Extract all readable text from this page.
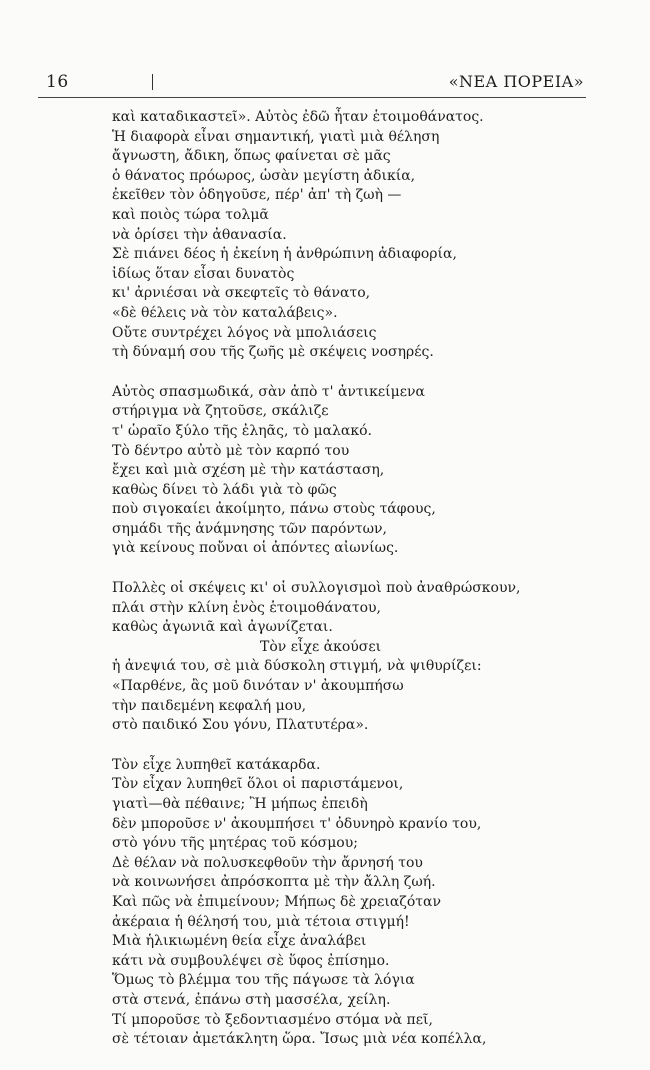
16	«ΝΕΑ ΠΟΡΕΙΑ»
καὶ καταδικαστεῖ». Αὐτὸς ἐδῶ ἦταν ἑτοιμοθάνατος.
Ἡ διαφορὰ εἶναι σημαντική, γιατὶ μιὰ θέληση
ἄγνωστη, ἄδικη, ὅπως φαίνεται σὲ μᾶς
ὁ θάνατος πρόωρος, ὡσὰν μεγίστη ἀδικία,
ἐκεῖθεν τὸν ὁδηγοῦσε, πέρ' ἀπ' τὴ ζωὴ —
καὶ ποιὸς τώρα τολμᾶ
νὰ ὁρίσει τὴν ἀθανασία.
Σὲ πιάνει δέος ἡ ἐκείνη ἡ ἀνθρώπινη ἀδιαφορία,
ἰδίως ὅταν εἶσαι δυνατὸς
κι' ἀρνιέσαι νὰ σκεφτεῖς τὸ θάνατο,
«δὲ θέλεις νὰ τὸν καταλάβεις».
Οὔτε συντρέχει λόγος νὰ μπολιάσεις
τὴ δύναμή σου τῆς ζωῆς μὲ σκέψεις νοσηρές.
Αὐτὸς σπασμωδικά, σὰν ἀπὸ τ' ἀντικείμενα
στήριγμα νὰ ζητοῦσε, σκάλιζε
τ' ὡραῖο ξύλο τῆς ἐληᾶς, τὸ μαλακό.
Τὸ δέντρο αὐτὸ μὲ τὸν καρπό του
ἔχει καὶ μιὰ σχέση μὲ τὴν κατάσταση,
καθὼς δίνει τὸ λάδι γιὰ τὸ φῶς
ποὺ σιγοκαίει ἀκοίμητο, πάνω στοὺς τάφους,
σημάδι τῆς ἀνάμνησης τῶν παρόντων,
γιὰ κείνους ποὔναι οἱ ἀπόντες αἰωνίως.
Πολλὲς οἱ σκέψεις κι' οἱ συλλογισμοὶ ποὺ ἀναθρώσκουν,
πλάι στὴν κλίνη ἑνὸς ἑτοιμοθάνατου,
καθὼς ἀγωνιᾶ καὶ ἀγωνίζεται.
Τὸν εἶχε ἀκούσει
ἡ ἀνεψιά του, σὲ μιὰ δύσκολη στιγμή, νὰ ψιθυρίζει:
«Παρθένε, ἂς μοῦ δινόταν ν' ἀκουμπήσω
τὴν παιδεμένη κεφαλή μου,
στὸ παιδικό Σου γόνυ, Πλατυτέρα».
Τὸν εἶχε λυπηθεῖ κατάκαρδα.
Τὸν εἶχαν λυπηθεῖ ὅλοι οἱ παριστάμενοι,
γιατὶ—θὰ πέθαινε; Ἢ μήπως ἐπειδὴ
δὲν μποροῦσε ν' ἀκουμπήσει τ' ὀδυνηρὸ κρανίο του,
στὸ γόνυ τῆς μητέρας τοῦ κόσμου;
Δὲ θέλαν νὰ πολυσκεφθοῦν τὴν ἄρνησή του
νὰ κοινωνήσει ἀπρόσκοπτα μὲ τὴν ἄλλη ζωή.
Καὶ πῶς νὰ ἐπιμείνουν; Μήπως δὲ χρειαζόταν
ἀκέραια ἡ θέλησή του, μιὰ τέτοια στιγμή!
Μιὰ ἡλικιωμένη θεία εἶχε ἀναλάβει
κάτι νὰ συμβουλέψει σὲ ὕφος ἐπίσημο.
Ὅμως τὸ βλέμμα του τῆς πάγωσε τὰ λόγια
στὰ στενά, ἐπάνω στὴ μασσέλα, χείλη.
Τί μποροῦσε τὸ ξεδοντιασμένο στόμα νὰ πεῖ,
σὲ τέτοιαν ἀμετάκλητη ὥρα. Ἴσως μιὰ νέα κοπέλλα,
